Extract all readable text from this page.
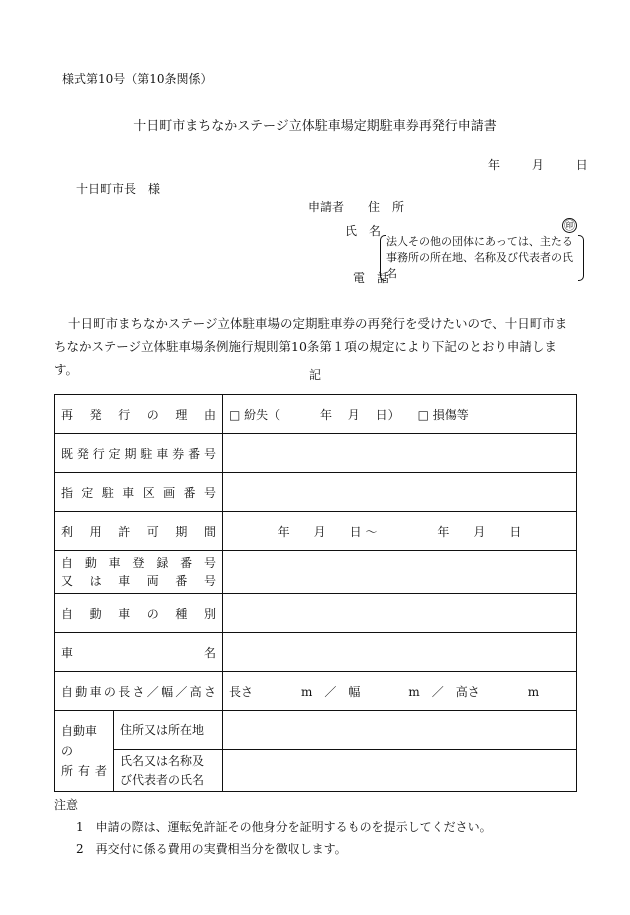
様式第10号（第10条関係）
十日町市まちなかステージ立体駐車場定期駐車券再発行申請書
年	月	日
十日町市長　様
申請者 住　所
氏　名	㊞
法人その他の団体にあっては、主たる事務所の所在地、名称及び代表者の氏名
電　話
十日町市まちなかステージ立体駐車場の定期駐車券の再発行を受けたいので、十日町市まちなかステージ立体駐車場条例施行規則第10条第１項の規定により下記のとおり申請します。	記
再発行の理由		□ 紛失（　　　 年　 月　 日）　　□ 損傷等
既発行定期駐車券番号		
指定駐車区画番号		
利用許可期間		年　　月　　日 〜　　　　　年　　月　　日

自動車登録番号
又は車両番号		

自動車の種別		
車名		
自動車の長さ／幅／高さ		長さ　　　　m　／　幅　　　　m　／　高さ　　　　m

自動車の
所有者	住所又は所在地	

	氏名又は名称及
び代表者の氏名	

注意
1　申請の際は、運転免許証その他身分を証明するものを提示してください。
2　再交付に係る費用の実費相当分を徴収します。
